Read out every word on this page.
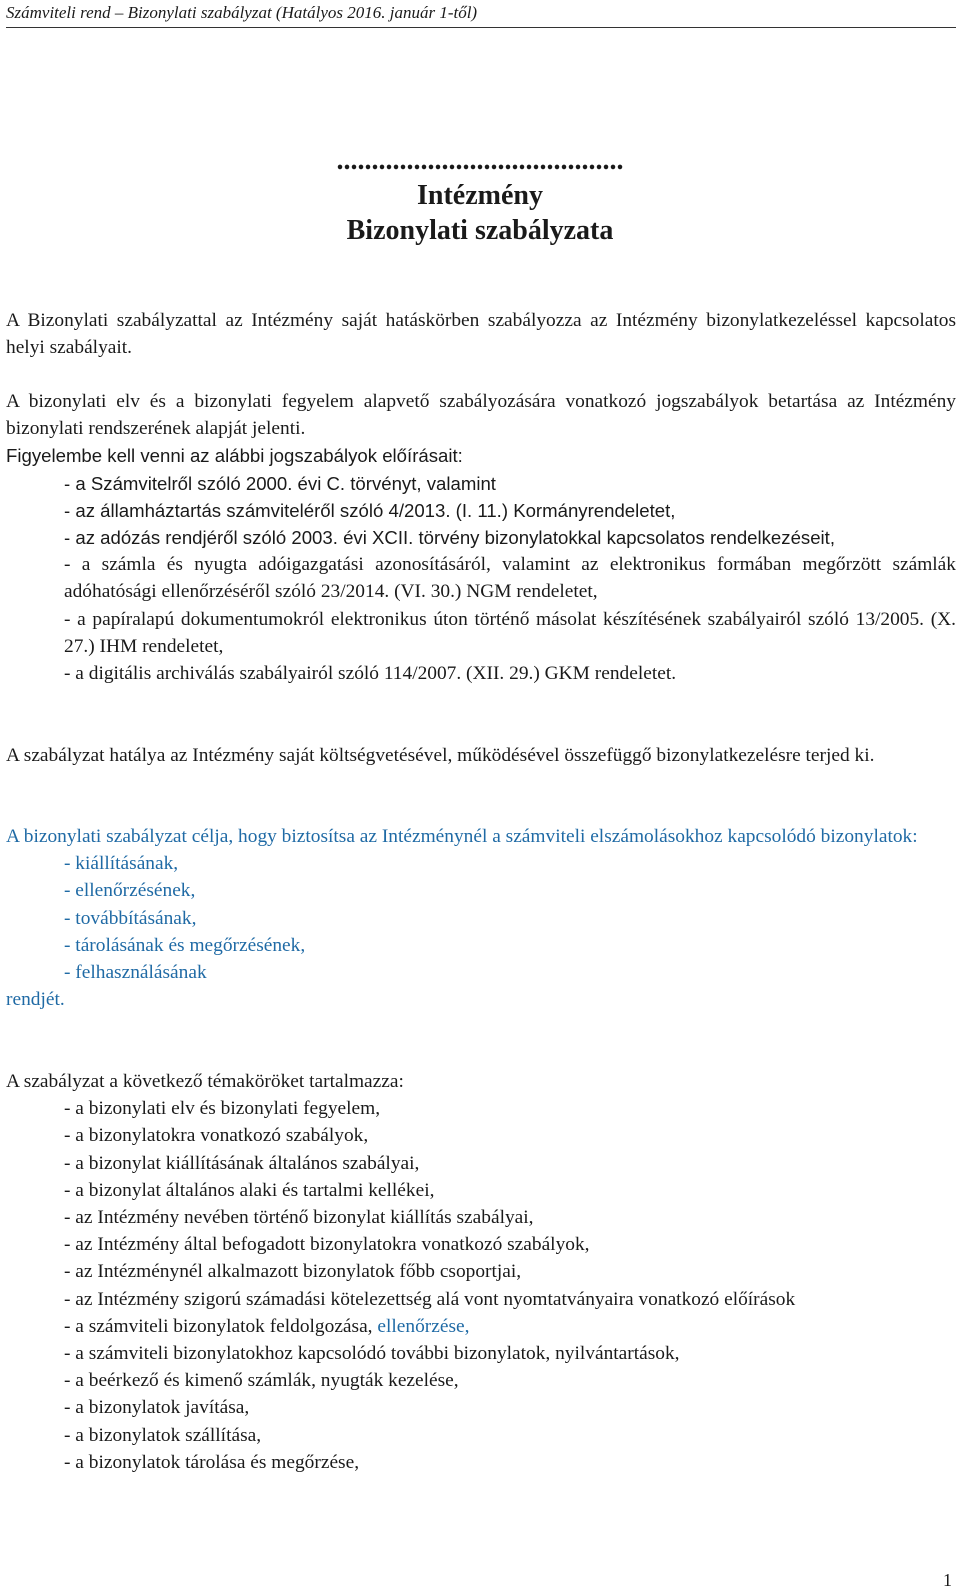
Számviteli rend – Bizonylati szabályzat (Hatályos 2016. január 1-től)
.........................................
Intézmény
Bizonylati szabályzata

A Bizonylati szabályzattal az Intézmény saját hatáskörben szabályozza az Intézmény bizonylatkezeléssel kapcsolatos helyi szabályait.

A bizonylati elv és a bizonylati fegyelem alapvető szabályozására vonatkozó jogszabályok betartása az Intézmény bizonylati rendszerének alapját jelenti.

Figyelembe kell venni az alábbi jogszabályok előírásait:

- a Számvitelről szóló 2000. évi C. törvényt, valamint

- az államháztartás számviteléről szóló 4/2013. (I. 11.) Kormányrendeletet,

- az adózás rendjéről szóló 2003. évi XCII. törvény bizonylatokkal kapcsolatos rendelkezéseit,

- a számla és nyugta adóigazgatási azonosításáról, valamint az elektronikus formában megőrzött számlák adóhatósági ellenőrzéséről szóló 23/2014. (VI. 30.) NGM rendeletet,

- a papíralapú dokumentumokról elektronikus úton történő másolat készítésének szabályairól szóló 13/2005. (X. 27.) IHM rendeletet,

- a digitális archiválás szabályairól szóló 114/2007. (XII. 29.) GKM rendeletet.

A szabályzat hatálya az Intézmény saját költségvetésével, működésével összefüggő bizonylatkezelésre terjed ki.

A bizonylati szabályzat célja, hogy biztosítsa az Intézménynél a számviteli elszámolásokhoz kapcsolódó bizonylatok:

- kiállításának,

- ellenőrzésének,

- továbbításának,

- tárolásának és megőrzésének,

- felhasználásának

rendjét.

A szabályzat a következő témaköröket tartalmazza:

- a bizonylati elv és bizonylati fegyelem,

- a bizonylatokra vonatkozó szabályok,

- a bizonylat kiállításának általános szabályai,

- a bizonylat általános alaki és tartalmi kellékei,

- az Intézmény nevében történő bizonylat kiállítás szabályai,

- az Intézmény által befogadott bizonylatokra vonatkozó szabályok,

- az Intézménynél alkalmazott bizonylatok főbb csoportjai,

- az Intézmény szigorú számadási kötelezettség alá vont nyomtatványaira vonatkozó előírások

- a számviteli bizonylatok feldolgozása, ellenőrzése,

- a számviteli bizonylatokhoz kapcsolódó további bizonylatok, nyilvántartások,

- a beérkező és kimenő számlák, nyugták kezelése,

- a bizonylatok javítása,

- a bizonylatok szállítása,

- a bizonylatok tárolása és megőrzése,

1
